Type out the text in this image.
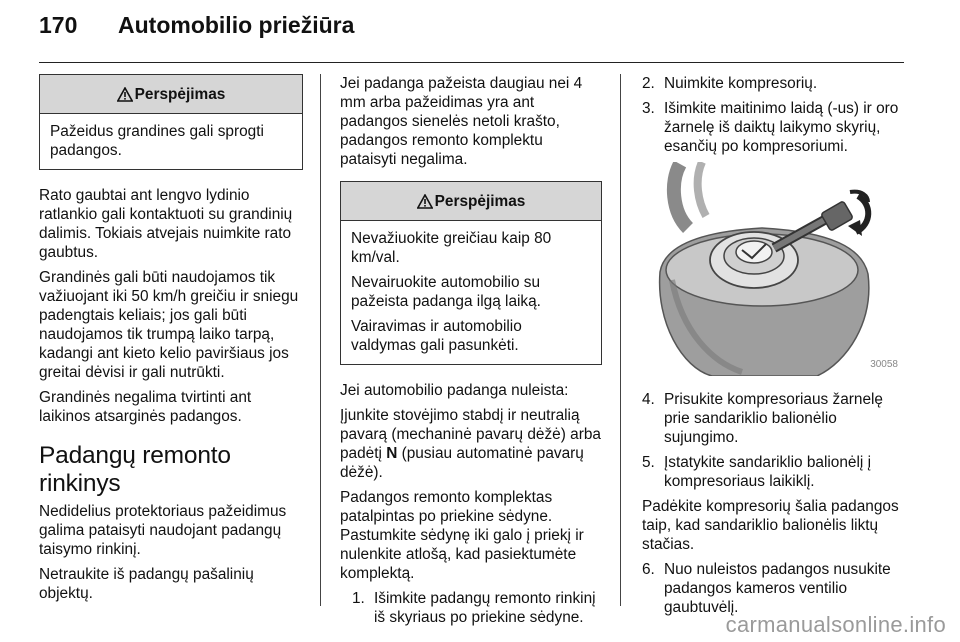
170	Automobilio priežiūra
Perspėjimas

Pažeidus grandines gali sprogti padangos.

Rato gaubtai ant lengvo lydinio ratlankio gali kontaktuoti su grandinių dalimis. Tokiais atvejais nuimkite rato gaubtus.

Grandinės gali būti naudojamos tik važiuojant iki 50 km/h greičiu ir sniegu padengtais keliais; jos gali būti naudojamos tik trumpą laiko tarpą, kadangi ant kieto kelio paviršiaus jos greitai dėvisi ir gali nutrūkti.

Grandinės negalima tvirtinti ant laikinos atsarginės padangos.

Padangų remonto rinkinys

Nedidelius protektoriaus pažeidimus galima pataisyti naudojant padangų taisymo rinkinį.

Netraukite iš padangų pašalinių objektų.

Jei padanga pažeista daugiau nei 4 mm arba pažeidimas yra ant padangos sienelės netoli krašto, padangos remonto komplektu pataisyti negalima.

Perspėjimas

Nevažiuokite greičiau kaip 80 km/val.

Nevairuokite automobilio su pažeista padanga ilgą laiką.

Vairavimas ir automobilio valdymas gali pasunkėti.

Jei automobilio padanga nuleista:

Įjunkite stovėjimo stabdį ir neutralią pavarą (mechaninė pavarų dėžė) arba padėtį N (pusiau automatinė pavarų dėžė).

Padangos remonto komplektas patalpintas po priekine sėdyne. Pastumkite sėdynę iki galo į priekį ir nulenkite atlošą, kad pasiektumėte komplektą.

1. Išimkite padangų remonto rinkinį iš skyriaus po priekine sėdyne.
2. Nuimkite kompresorių.
3. Išimkite maitinimo laidą (-us) ir oro žarnelę iš daiktų laikymo skyrių, esančių po kompresoriumi.
30058
4. Prisukite kompresoriaus žarnelę prie sandariklio balionėlio sujungimo.
5. Įstatykite sandariklio balionėlį į kompresoriaus laikiklį.

Padėkite kompresorių šalia padangos taip, kad sandariklio balionėlis liktų stačias.

6. Nuo nuleistos padangos nusukite padangos kameros ventilio gaubtuvėlį.
carmanualsonline.info
